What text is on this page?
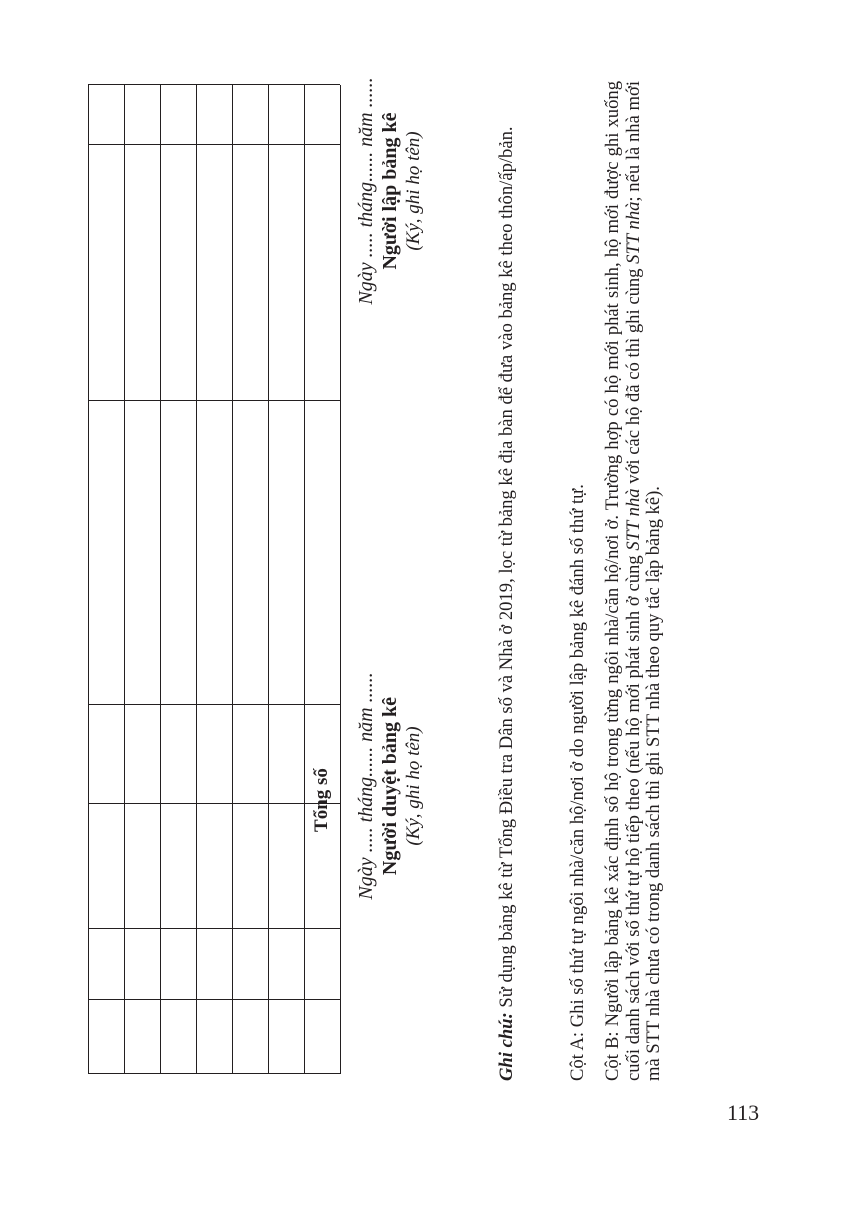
Tổng số	Ngày ..... tháng...... năm ...... Người duyệt bảng kê (Ký, ghi họ tên)
Ngày ..... tháng...... năm ...... Người lập bảng kê (Ký, ghi họ tên)
Ghi chú: Sử dụng bảng kê từ Tổng Điều tra Dân số và Nhà ở 2019, lọc từ bảng kê địa bàn để đưa vào bảng kê theo thôn/ấp/bản.	Cột A: Ghi số thứ tự ngôi nhà/căn hộ/nơi ở do người lập bảng kê đánh số thứ tự. Cột B: Người lập bảng kê xác định số hộ trong từng ngôi nhà/căn hộ/nơi ở. Trường hợp có hộ mới phát sinh, hộ mới được ghi xuống cuối danh sách với số thứ tự hộ tiếp theo (nếu hộ mới phát sinh ở cùng STT nhà với các hộ đã có thì ghi cùng STT nhà; nếu là nhà mới mà STT nhà chưa có trong danh sách thì ghi STT nhà theo quy tắc lập bảng kê).
113
